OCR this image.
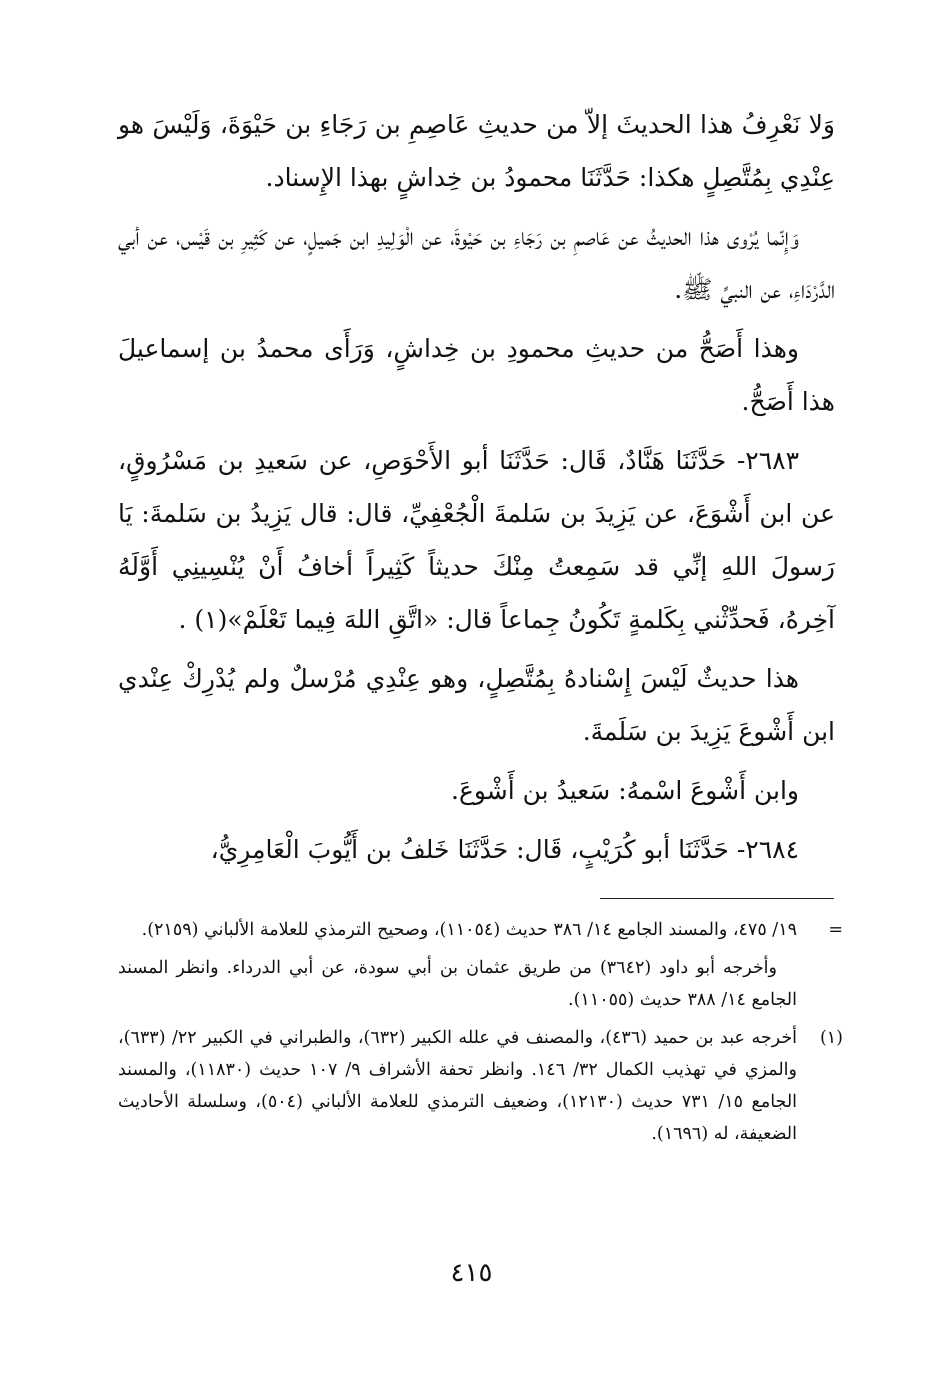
وَلا نَعْرِفُ هذا الحديثَ إلاّ من حديثِ عَاصِمِ بن رَجَاءِ بن حَيْوَةَ، وَلَيْسَ هو عِنْدِي بِمُتَّصِلٍ هكذا: حَدَّثَنَا محمودُ بن خِداشٍ بهذا الإِسناد.

وَإِنّما يُرْوى هذا الحديثُ عن عَاصمِ بن رَجَاءِ بن حَيْوةَ، عن الْوَلِيدِ ابن جَميلٍ، عن كَثِيرِ بن قَيْس، عن أبي الدَّرْدَاءِ، عن النبيِّ ﷺ.

وهذا أَصَحُّ من حديثِ محمودِ بن خِداشٍ، وَرَأَى محمدُ بن إسماعيلَ هذا أَصَحُّ.

٢٦٨٣- حَدَّثَنَا هَنَّادٌ، قَال: حَدَّثَنَا أبو الأَحْوَصِ، عن سَعيدِ بن مَسْرُوقٍ، عن ابن أَشْوَعَ، عن يَزِيدَ بن سَلمةَ الْجُعْفِيِّ، قال: قال يَزِيدُ بن سَلمةَ: يَا رَسولَ اللهِ إنِّي قد سَمِعتُ مِنْكَ حديثاً كَثِيراً أخافُ أَنْ يُنْسِينِي أَوَّلَهُ آخِرهُ، فَحدِّثْني بِكَلمةٍ تَكُونُ جِماعاً قال: «اتَّقِ اللهَ فِيما تَعْلَمْ»(١) .

هذا حديثٌ لَيْسَ إِسْنادهُ بِمُتَّصِلٍ، وهو عِنْدِي مُرْسلٌ ولم يُدْرِكْ عِنْدي ابن أَشْوعَ يَزِيدَ بن سَلَمةَ.

وابن أَشْوعَ اسْمهُ: سَعيدُ بن أَشْوعَ.

٢٦٨٤- حَدَّثَنَا أبو كُرَيْبٍ، قَال: حَدَّثَنَا خَلفُ بن أَيُّوبَ الْعَامِرِيُّ،

=
١٩/ ٤٧٥، والمسند الجامع ١٤/ ٣٨٦ حديث (١١٠٥٤)، وصحيح الترمذي للعلامة الألباني (٢١٥٩).
وأخرجه أبو داود (٣٦٤٢) من طريق عثمان بن أبي سودة، عن أبي الدرداء. وانظر المسند الجامع ١٤/ ٣٨٨ حديث (١١٠٥٥).
(١)
أخرجه عبد بن حميد (٤٣٦)، والمصنف في علله الكبير (٦٣٢)، والطبراني في الكبير ٢٢/ (٦٣٣)، والمزي في تهذيب الكمال ٣٢/ ١٤٦. وانظر تحفة الأشراف ٩/ ١٠٧ حديث (١١٨٣٠)، والمسند الجامع ١٥/ ٧٣١ حديث (١٢١٣٠)، وضعيف الترمذي للعلامة الألباني (٥٠٤)، وسلسلة الأحاديث الضعيفة، له (١٦٩٦).
٤١٥
